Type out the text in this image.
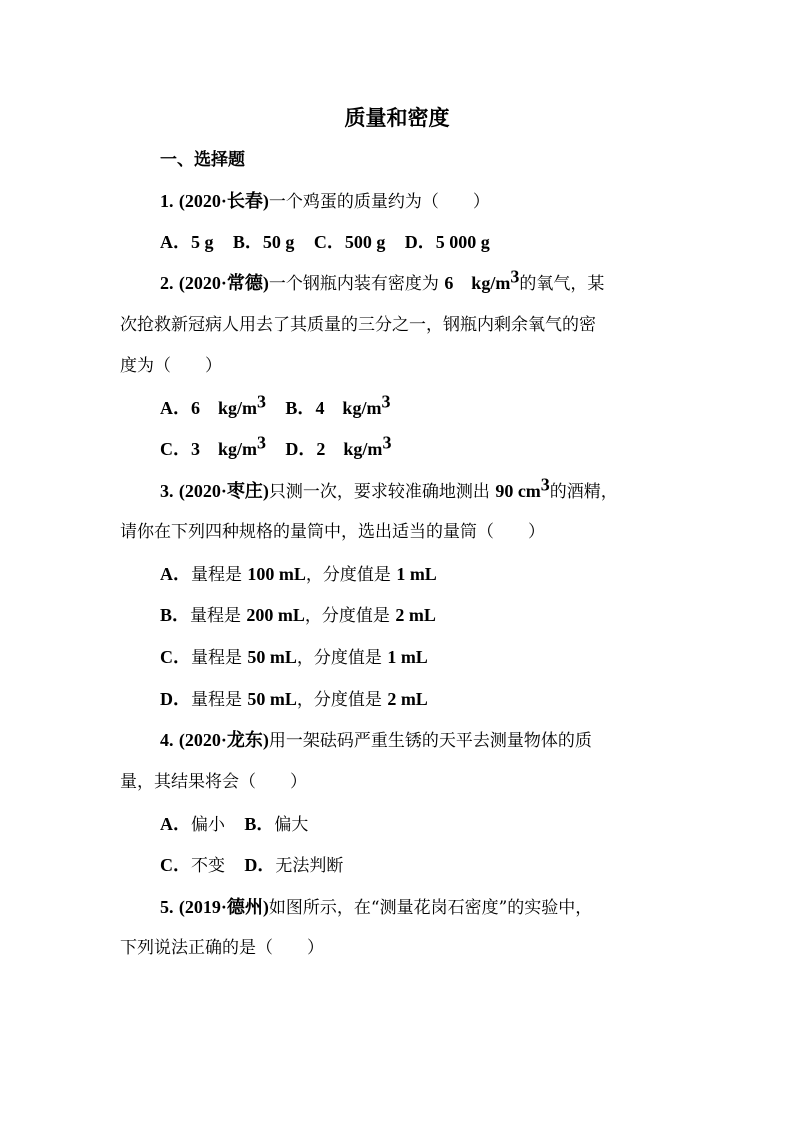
质量和密度
一、选择题
1. (2020·长春)一个鸡蛋的质量约为（　　）
A．5 g B．50 g C．500 g D．5 000 g
2. (2020·常德)一个钢瓶内装有密度为 6　$kg/m^3$的氧气，某
次抢救新冠病人用去了其质量的三分之一，钢瓶内剩余氧气的密
度为（　　）
A．6　$kg/m^3$ B．4　$kg/m^3$
C．3　$kg/m^3$ D．2　$kg/m^3$
3. (2020·枣庄)只测一次，要求较准确地测出 90 $cm^3$的酒精，
请你在下列四种规格的量筒中，选出适当的量筒（　　）
A．量程是 100 mL，分度值是 1 mL
B．量程是 200 mL，分度值是 2 mL
C．量程是 50 mL，分度值是 1 mL
D．量程是 50 mL，分度值是 2 mL
4. (2020·龙东)用一架砝码严重生锈的天平去测量物体的质
量，其结果将会（　　）
A．偏小 B．偏大
C．不变 D．无法判断
5. (2019·德州)如图所示，在“测量花岗石密度”的实验中，
下列说法正确的是（　　）
